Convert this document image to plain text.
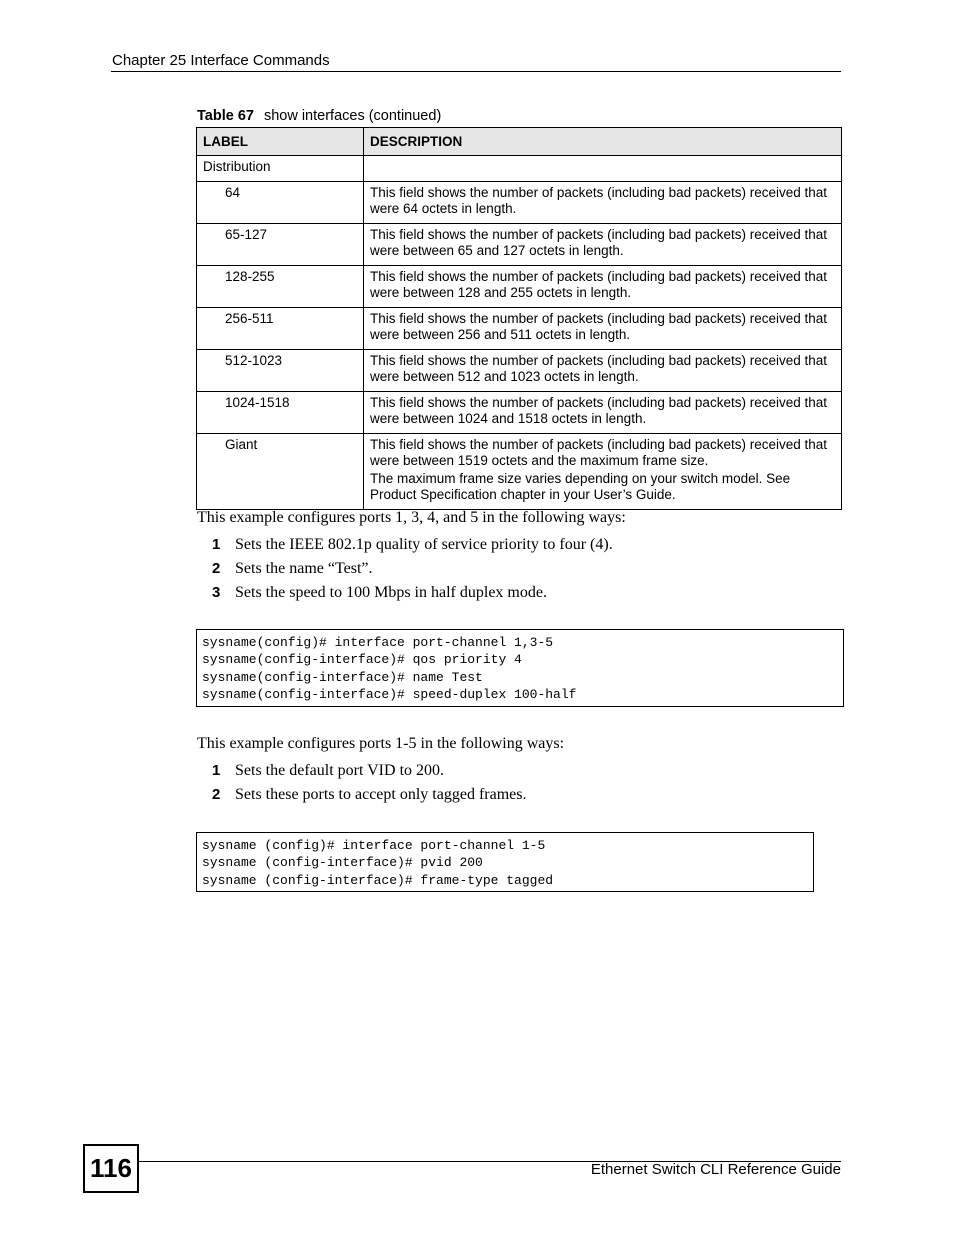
Chapter 25 Interface Commands
Table 67 show interfaces (continued)
LABEL	DESCRIPTION
Distribution	
64	This field shows the number of packets (including bad packets) received that were 64 octets in length.

65-127	This field shows the number of packets (including bad packets) received that were between 65 and 127 octets in length.

128-255	This field shows the number of packets (including bad packets) received that were between 128 and 255 octets in length.

256-511	This field shows the number of packets (including bad packets) received that were between 256 and 511 octets in length.

512-1023	This field shows the number of packets (including bad packets) received that were between 512 and 1023 octets in length.

1024-1518	This field shows the number of packets (including bad packets) received that were between 1024 and 1518 octets in length.

Giant	This field shows the number of packets (including bad packets) received that were between 1519 octets and the maximum frame size.

The maximum frame size varies depending on your switch model. See Product Specification chapter in your User’s Guide.

This example configures ports 1, 3, 4, and 5 in the following ways:
1 Sets the IEEE 802.1p quality of service priority to four (4).
2 Sets the name “Test”.
3 Sets the speed to 100 Mbps in half duplex mode.
sysname(config)# interface port-channel 1,3-5
sysname(config-interface)# qos priority 4
sysname(config-interface)# name Test
sysname(config-interface)# speed-duplex 100-half
This example configures ports 1-5 in the following ways:
1 Sets the default port VID to 200.
2 Sets these ports to accept only tagged frames.
sysname (config)# interface port-channel 1-5
sysname (config-interface)# pvid 200
sysname (config-interface)# frame-type tagged
116	Ethernet Switch CLI Reference Guide
